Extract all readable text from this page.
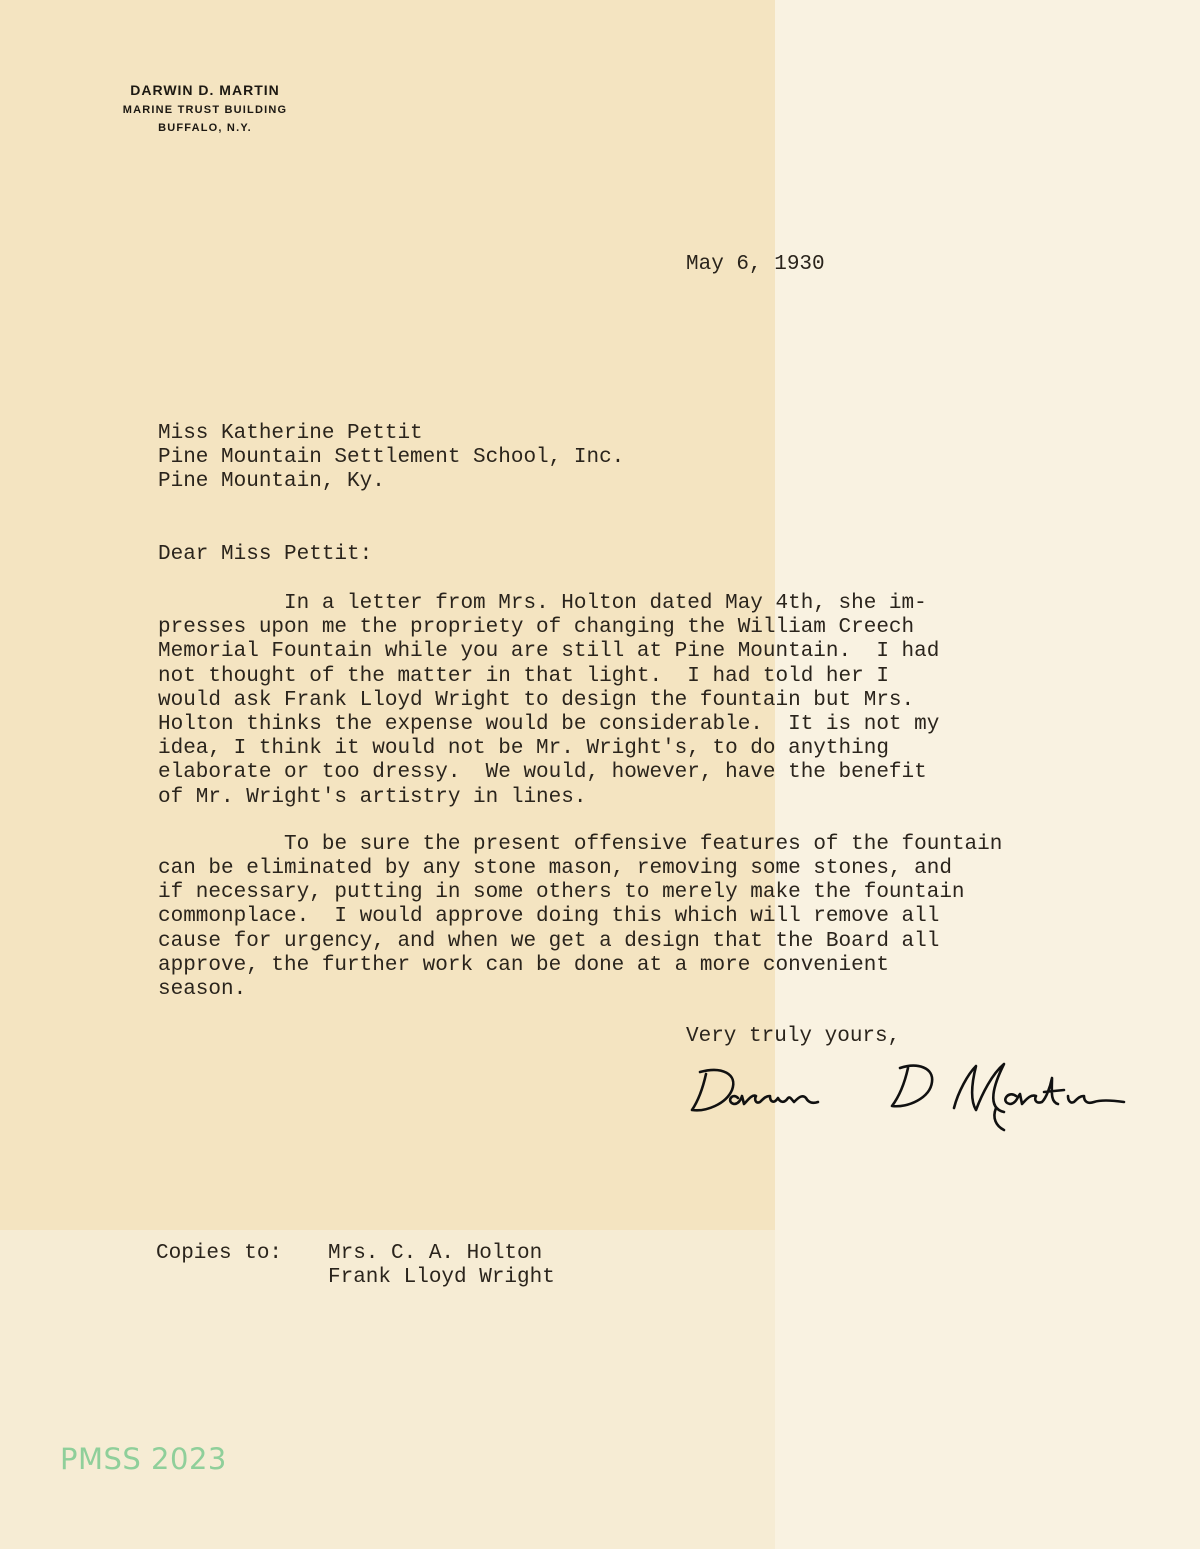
DARWIN D. MARTIN
MARINE TRUST BUILDING
BUFFALO, N.Y.
May 6, 1930
Miss Katherine Pettit
Pine Mountain Settlement School, Inc.
Pine Mountain, Ky.
Dear Miss Pettit:

In a letter from Mrs. Holton dated May 4th, she im-
presses upon me the propriety of changing the William Creech
Memorial Fountain while you are still at Pine Mountain.  I had
not thought of the matter in that light.  I had told her I
would ask Frank Lloyd Wright to design the fountain but Mrs.
Holton thinks the expense would be considerable.  It is not my
idea, I think it would not be Mr. Wright's, to do anything
elaborate or too dressy.  We would, however, have the benefit
of Mr. Wright's artistry in lines.

To be sure the present offensive features of the fountain
can be eliminated by any stone mason, removing some stones, and
if necessary, putting in some others to merely make the fountain
commonplace.  I would approve doing this which will remove all
cause for urgency, and when we get a design that the Board all
approve, the further work can be done at a more convenient
season.

Very truly yours,
Copies to: Mrs. C. A. Holton
Frank Lloyd Wright
PMSS 2023
